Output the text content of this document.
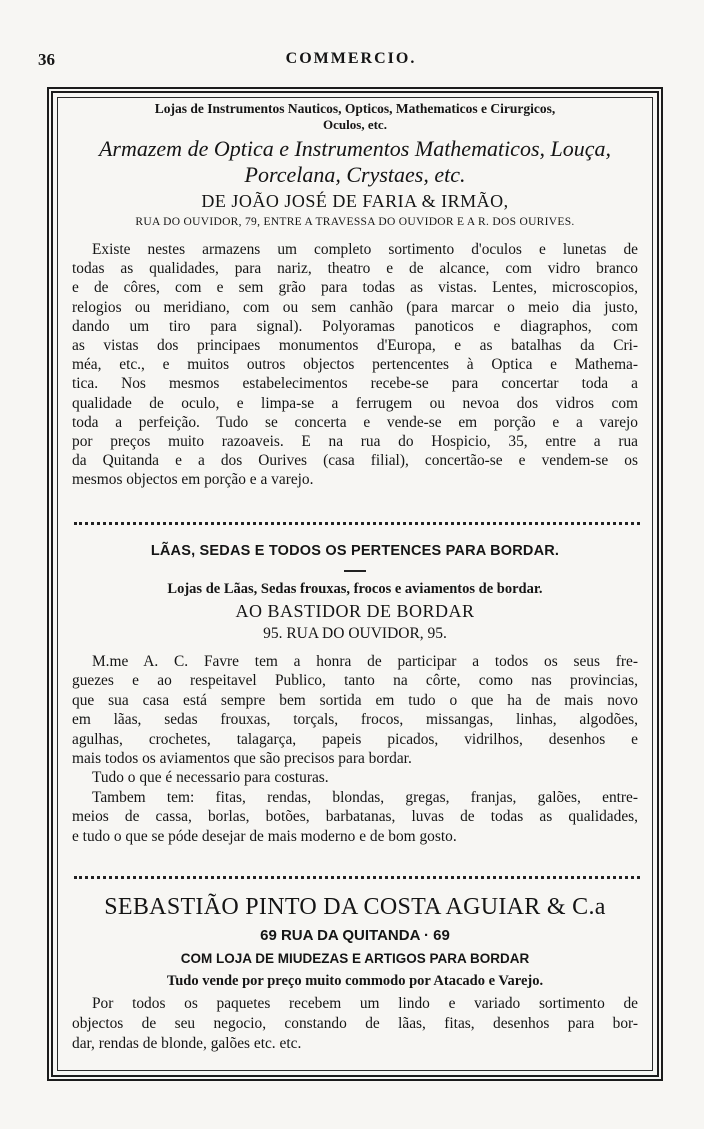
36	COMMERCIO.

Lojas de Instrumentos Nauticos, Opticos, Mathematicos e Cirurgicos,

Oculos, etc.

Armazem de Optica e Instrumentos Mathematicos, Louça,

Porcelana, Crystaes, etc.

DE JOÃO JOSÉ DE FARIA & IRMÃO,

RUA DO OUVIDOR, 79, ENTRE A TRAVESSA DO OUVIDOR E A R. DOS OURIVES.

Existe nestes armazens um completo sortimento d'oculos e lunetas de

todas as qualidades, para nariz, theatro e de alcance, com vidro branco

e de côres, com e sem grão para todas as vistas. Lentes, microscopios,

relogios ou meridiano, com ou sem canhão (para marcar o meio dia justo,

dando um tiro para signal). Polyoramas panoticos e diagraphos, com

as vistas dos principaes monumentos d'Europa, e as batalhas da Cri-

méa, etc., e muitos outros objectos pertencentes à Optica e Mathema-

tica. Nos mesmos estabelecimentos recebe-se para concertar toda a

qualidade de oculo, e limpa-se a ferrugem ou nevoa dos vidros com

toda a perfeição. Tudo se concerta e vende-se em porção e a varejo

por preços muito razoaveis. E na rua do Hospicio, 35, entre a rua

da Quitanda e a dos Ourives (casa filial), concertão-se e vendem-se os

mesmos objectos em porção e a varejo.

LÃAS, SEDAS E TODOS OS PERTENCES PARA BORDAR.

Lojas de Lãas, Sedas frouxas, frocos e aviamentos de bordar.

AO BASTIDOR DE BORDAR

95. RUA DO OUVIDOR, 95.

M.me A. C. Favre tem a honra de participar a todos os seus fre-

guezes e ao respeitavel Publico, tanto na côrte, como nas provincias,

que sua casa está sempre bem sortida em tudo o que ha de mais novo

em lãas, sedas frouxas, torçals, frocos, missangas, linhas, algodões,

agulhas, crochetes, talagarça, papeis picados, vidrilhos, desenhos e

mais todos os aviamentos que são precisos para bordar.

Tudo o que é necessario para costuras.

Tambem tem: fitas, rendas, blondas, gregas, franjas, galões, entre-

meios de cassa, borlas, botões, barbatanas, luvas de todas as qualidades,

e tudo o que se póde desejar de mais moderno e de bom gosto.

SEBASTIÃO PINTO DA COSTA AGUIAR & C.a

69 RUA DA QUITANDA · 69

COM LOJA DE MIUDEZAS E ARTIGOS PARA BORDAR

Tudo vende por preço muito commodo por Atacado e Varejo.

Por todos os paquetes recebem um lindo e variado sortimento de

objectos de seu negocio, constando de lãas, fitas, desenhos para bor-

dar, rendas de blonde, galões etc. etc.
